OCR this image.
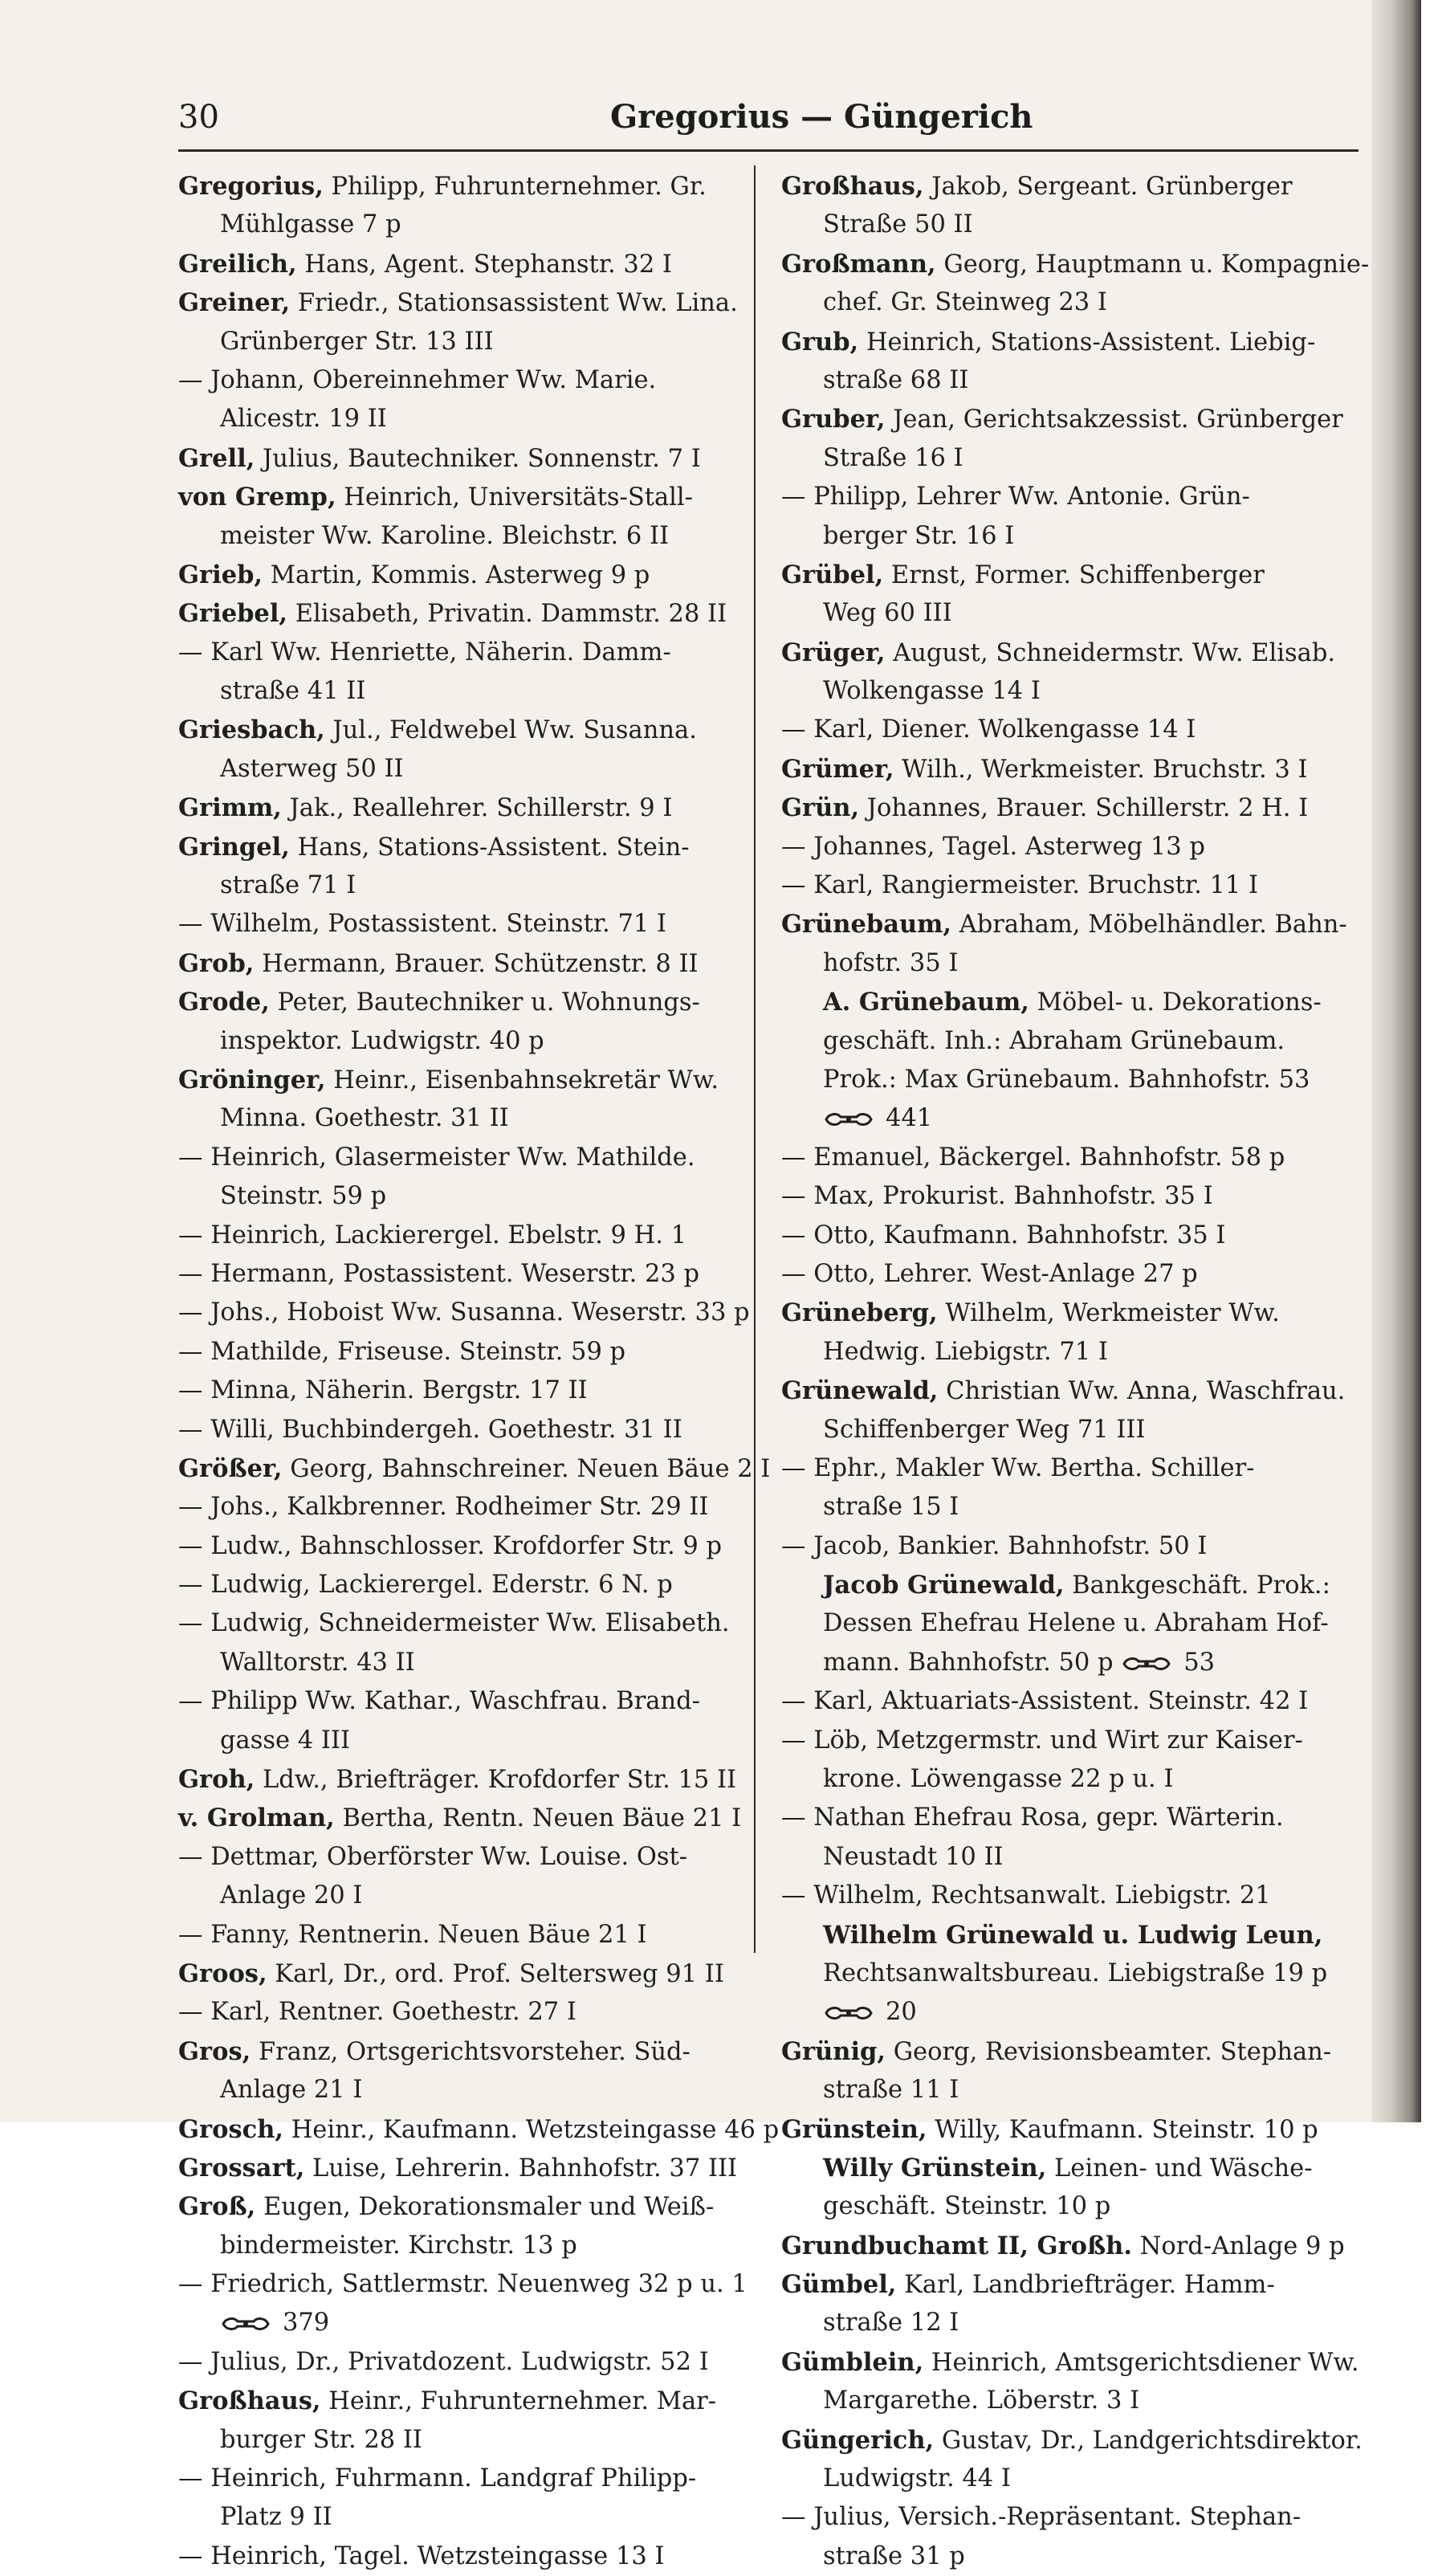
30	Gregorius — Güngerich
Gregorius, Philipp, Fuhrunternehmer. Gr.
Mühlgasse 7 p
Greilich, Hans, Agent. Stephanstr. 32 I
Greiner, Friedr., Stationsassistent Ww. Lina.
Grünberger Str. 13 III
— Johann, Obereinnehmer Ww. Marie.
Alicestr. 19 II
Grell, Julius, Bautechniker. Sonnenstr. 7 I
von Gremp, Heinrich, Universitäts-Stall-
meister Ww. Karoline. Bleichstr. 6 II
Grieb, Martin, Kommis. Asterweg 9 p
Griebel, Elisabeth, Privatin. Dammstr. 28 II
— Karl Ww. Henriette, Näherin. Damm-
straße 41 II
Griesbach, Jul., Feldwebel Ww. Susanna.
Asterweg 50 II
Grimm, Jak., Reallehrer. Schillerstr. 9 I
Gringel, Hans, Stations-Assistent. Stein-
straße 71 I
— Wilhelm, Postassistent. Steinstr. 71 I
Grob, Hermann, Brauer. Schützenstr. 8 II
Grode, Peter, Bautechniker u. Wohnungs-
inspektor. Ludwigstr. 40 p
Gröninger, Heinr., Eisenbahnsekretär Ww.
Minna. Goethestr. 31 II
— Heinrich, Glasermeister Ww. Mathilde.
Steinstr. 59 p
— Heinrich, Lackierergel. Ebelstr. 9 H. 1
— Hermann, Postassistent. Weserstr. 23 p
— Johs., Hoboist Ww. Susanna. Weserstr. 33 p
— Mathilde, Friseuse. Steinstr. 59 p
— Minna, Näherin. Bergstr. 17 II
— Willi, Buchbindergeh. Goethestr. 31 II
Größer, Georg, Bahnschreiner. Neuen Bäue 2 I
— Johs., Kalkbrenner. Rodheimer Str. 29 II
— Ludw., Bahnschlosser. Krofdorfer Str. 9 p
— Ludwig, Lackierergel. Ederstr. 6 N. p
— Ludwig, Schneidermeister Ww. Elisabeth.
Walltorstr. 43 II
— Philipp Ww. Kathar., Waschfrau. Brand-
gasse 4 III
Groh, Ldw., Briefträger. Krofdorfer Str. 15 II
v. Grolman, Bertha, Rentn. Neuen Bäue 21 I
— Dettmar, Oberförster Ww. Louise. Ost-
Anlage 20 I
— Fanny, Rentnerin. Neuen Bäue 21 I
Groos, Karl, Dr., ord. Prof. Seltersweg 91 II
— Karl, Rentner. Goethestr. 27 I
Gros, Franz, Ortsgerichtsvorsteher. Süd-
Anlage 21 I
Grosch, Heinr., Kaufmann. Wetzsteingasse 46 p
Grossart, Luise, Lehrerin. Bahnhofstr. 37 III
Groß, Eugen, Dekorationsmaler und Weiß-
bindermeister. Kirchstr. 13 p
— Friedrich, Sattlermstr. Neuenweg 32 p u. 1
379
— Julius, Dr., Privatdozent. Ludwigstr. 52 I
Großhaus, Heinr., Fuhrunternehmer. Mar-
burger Str. 28 II
— Heinrich, Fuhrmann. Landgraf Philipp-
Platz 9 II
— Heinrich, Tagel. Wetzsteingasse 13 I
Großhaus, Jakob, Sergeant. Grünberger
Straße 50 II
Großmann, Georg, Hauptmann u. Kompagnie-
chef. Gr. Steinweg 23 I
Grub, Heinrich, Stations-Assistent. Liebig-
straße 68 II
Gruber, Jean, Gerichtsakzessist. Grünberger
Straße 16 I
— Philipp, Lehrer Ww. Antonie. Grün-
berger Str. 16 I
Grübel, Ernst, Former. Schiffenberger
Weg 60 III
Grüger, August, Schneidermstr. Ww. Elisab.
Wolkengasse 14 I
— Karl, Diener. Wolkengasse 14 I
Grümer, Wilh., Werkmeister. Bruchstr. 3 I
Grün, Johannes, Brauer. Schillerstr. 2 H. I
— Johannes, Tagel. Asterweg 13 p
— Karl, Rangiermeister. Bruchstr. 11 I
Grünebaum, Abraham, Möbelhändler. Bahn-
hofstr. 35 I
A. Grünebaum, Möbel- u. Dekorations-
geschäft. Inh.: Abraham Grünebaum.
Prok.: Max Grünebaum. Bahnhofstr. 53
441
— Emanuel, Bäckergel. Bahnhofstr. 58 p
— Max, Prokurist. Bahnhofstr. 35 I
— Otto, Kaufmann. Bahnhofstr. 35 I
— Otto, Lehrer. West-Anlage 27 p
Grüneberg, Wilhelm, Werkmeister Ww.
Hedwig. Liebigstr. 71 I
Grünewald, Christian Ww. Anna, Waschfrau.
Schiffenberger Weg 71 III
— Ephr., Makler Ww. Bertha. Schiller-
straße 15 I
— Jacob, Bankier. Bahnhofstr. 50 I
Jacob Grünewald, Bankgeschäft. Prok.:
Dessen Ehefrau Helene u. Abraham Hof-
mann. Bahnhofstr. 50 p	53
— Karl, Aktuariats-Assistent. Steinstr. 42 I
— Löb, Metzgermstr. und Wirt zur Kaiser-
krone. Löwengasse 22 p u. I
— Nathan Ehefrau Rosa, gepr. Wärterin.
Neustadt 10 II
— Wilhelm, Rechtsanwalt. Liebigstr. 21
Wilhelm Grünewald u. Ludwig Leun,
Rechtsanwaltsbureau. Liebigstraße 19 p
20
Grünig, Georg, Revisionsbeamter. Stephan-
straße 11 I
Grünstein, Willy, Kaufmann. Steinstr. 10 p
Willy Grünstein, Leinen- und Wäsche-
geschäft. Steinstr. 10 p
Grundbuchamt II, Großh. Nord-Anlage 9 p
Gümbel, Karl, Landbriefträger. Hamm-
straße 12 I
Gümblein, Heinrich, Amtsgerichtsdiener Ww.
Margarethe. Löberstr. 3 I
Güngerich, Gustav, Dr., Landgerichtsdirektor.
Ludwigstr. 44 I
— Julius, Versich.-Repräsentant. Stephan-
straße 31 p
